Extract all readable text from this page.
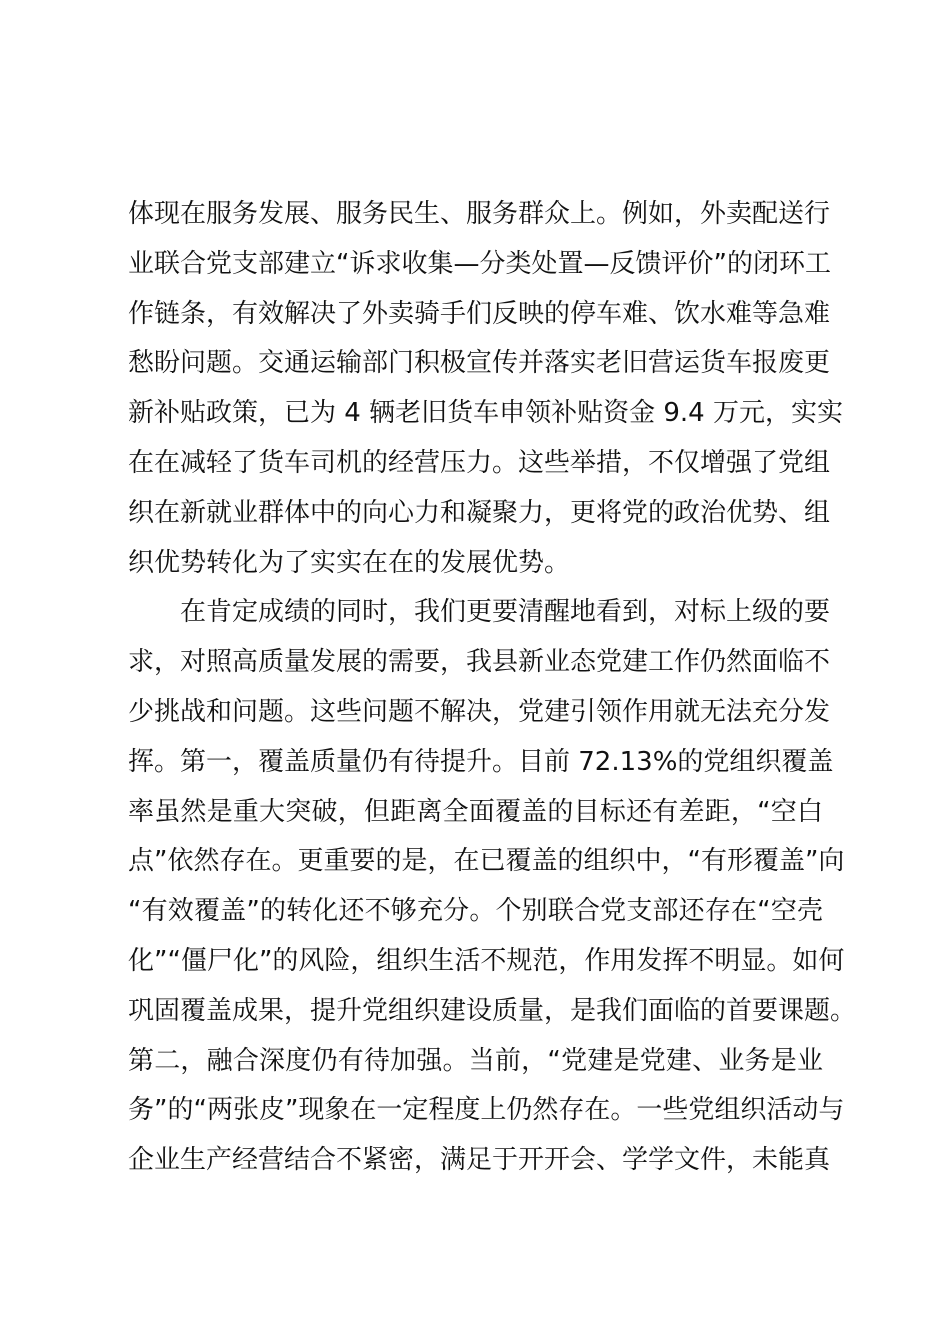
体现在服务发展、服务民生、服务群众上。例如，外卖配送行
业联合党支部建立“诉求收集—分类处置—反馈评价”的闭环工
作链条，有效解决了外卖骑手们反映的停车难、饮水难等急难
愁盼问题。交通运输部门积极宣传并落实老旧营运货车报废更
新补贴政策，已为 4 辆老旧货车申领补贴资金 9.4 万元，实实
在在减轻了货车司机的经营压力。这些举措，不仅增强了党组
织在新就业群体中的向心力和凝聚力，更将党的政治优势、组
织优势转化为了实实在在的发展优势。
在肯定成绩的同时，我们更要清醒地看到，对标上级的要
求，对照高质量发展的需要，我县新业态党建工作仍然面临不
少挑战和问题。这些问题不解决，党建引领作用就无法充分发
挥。第一，覆盖质量仍有待提升。目前 72.13%的党组织覆盖
率虽然是重大突破，但距离全面覆盖的目标还有差距，“空白
点”依然存在。更重要的是，在已覆盖的组织中，“有形覆盖”向
“有效覆盖”的转化还不够充分。个别联合党支部还存在“空壳
化”“僵尸化”的风险，组织生活不规范，作用发挥不明显。如何
巩固覆盖成果，提升党组织建设质量，是我们面临的首要课题。
第二，融合深度仍有待加强。当前，“党建是党建、业务是业
务”的“两张皮”现象在一定程度上仍然存在。一些党组织活动与
企业生产经营结合不紧密，满足于开开会、学学文件，未能真
